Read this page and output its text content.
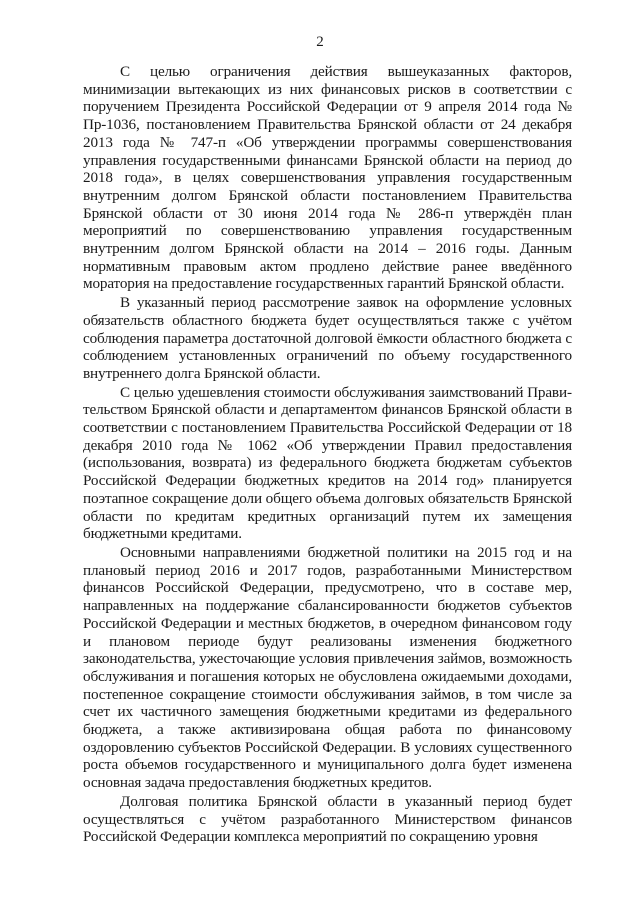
2

С целью ограничения действия вышеуказанных факторов, минимизации вытекающих из них финансовых рисков в соответствии с поручением Президента Российской Федерации от 9 апреля 2014 года № Пр-1036, постановлением Правительства Брянской области от 24 декабря 2013 года № 747-п «Об утверждении программы совершенствования управления государственными финансами Брянской области на период до 2018 года», в целях совершенствования управления государственным внутренним долгом Брянской области постановлением Правительства Брянской области от 30 июня 2014 года № 286-п утверждён план мероприятий по совершенствованию управления государственным внутренним долгом Брянской области на 2014 – 2016 годы. Данным нормативным правовым актом продлено действие ранее введённого моратория на предоставление государственных гарантий Брянской области.

В указанный период рассмотрение заявок на оформление условных обязательств областного бюджета будет осуществляться также с учётом соблюдения параметра достаточной долговой ёмкости областного бюджета с соблюдением установленных ограничений по объему государственного внутреннего долга Брянской области.

С целью удешевления стоимости обслуживания заимствований Правительством Брянской области и департаментом финансов Брянской области в соответствии с постановлением Правительства Российской Федерации от 18 декабря 2010 года № 1062 «Об утверждении Правил предоставления (использования, возврата) из федерального бюджета бюджетам субъектов Российской Федерации бюджетных кредитов на 2014 год» планируется поэтапное сокращение доли общего объема долговых обязательств Брянской области по кредитам кредитных организаций путем их замещения бюджетными кредитами.

Основными направлениями бюджетной политики на 2015 год и на плановый период 2016 и 2017 годов, разработанными Министерством финансов Российской Федерации, предусмотрено, что в составе мер, направленных на поддержание сбалансированности бюджетов субъектов Российской Федерации и местных бюджетов, в очередном финансовом году и плановом периоде будут реализованы изменения бюджетного законодательства, ужесточающие условия привлечения займов, возможность обслуживания и погашения которых не обусловлена ожидаемыми доходами, постепенное сокращение стоимости обслуживания займов, в том числе за счет их частичного замещения бюджетными кредитами из федерального бюджета, а также активизирована общая работа по финансовому оздоровлению субъектов Российской Федерации. В условиях существенного роста объемов государственного и муниципального долга будет изменена основная задача предоставления бюджетных кредитов.

Долговая политика Брянской области в указанный период будет осуществляться с учётом разработанного Министерством финансов Российской Федерации комплекса мероприятий по сокращению уровня
